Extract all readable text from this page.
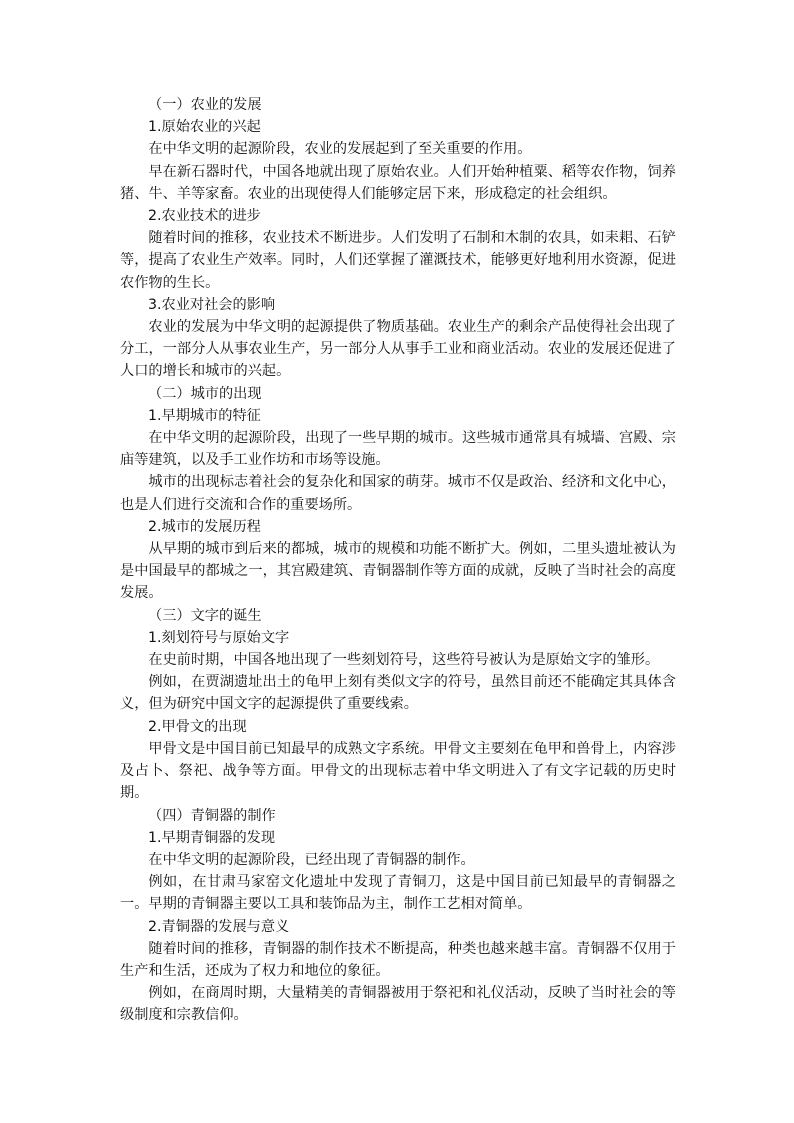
（一）农业的发展

1.原始农业的兴起

在中华文明的起源阶段，农业的发展起到了至关重要的作用。

早在新石器时代，中国各地就出现了原始农业。人们开始种植粟、稻等农作物，饲养猪、牛、羊等家畜。农业的出现使得人们能够定居下来，形成稳定的社会组织。

2.农业技术的进步

随着时间的推移，农业技术不断进步。人们发明了石制和木制的农具，如耒耜、石铲等，提高了农业生产效率。同时，人们还掌握了灌溉技术，能够更好地利用水资源，促进农作物的生长。

3.农业对社会的影响

农业的发展为中华文明的起源提供了物质基础。农业生产的剩余产品使得社会出现了分工，一部分人从事农业生产，另一部分人从事手工业和商业活动。农业的发展还促进了人口的增长和城市的兴起。

（二）城市的出现

1.早期城市的特征

在中华文明的起源阶段，出现了一些早期的城市。这些城市通常具有城墙、宫殿、宗庙等建筑，以及手工业作坊和市场等设施。

城市的出现标志着社会的复杂化和国家的萌芽。城市不仅是政治、经济和文化中心，也是人们进行交流和合作的重要场所。

2.城市的发展历程

从早期的城市到后来的都城，城市的规模和功能不断扩大。例如，二里头遗址被认为是中国最早的都城之一，其宫殿建筑、青铜器制作等方面的成就，反映了当时社会的高度发展。

（三）文字的诞生

1.刻划符号与原始文字

在史前时期，中国各地出现了一些刻划符号，这些符号被认为是原始文字的雏形。

例如，在贾湖遗址出土的龟甲上刻有类似文字的符号，虽然目前还不能确定其具体含义，但为研究中国文字的起源提供了重要线索。

2.甲骨文的出现

甲骨文是中国目前已知最早的成熟文字系统。甲骨文主要刻在龟甲和兽骨上，内容涉及占卜、祭祀、战争等方面。甲骨文的出现标志着中华文明进入了有文字记载的历史时期。

（四）青铜器的制作

1.早期青铜器的发现

在中华文明的起源阶段，已经出现了青铜器的制作。

例如，在甘肃马家窑文化遗址中发现了青铜刀，这是中国目前已知最早的青铜器之一。早期的青铜器主要以工具和装饰品为主，制作工艺相对简单。

2.青铜器的发展与意义

随着时间的推移，青铜器的制作技术不断提高，种类也越来越丰富。青铜器不仅用于生产和生活，还成为了权力和地位的象征。

例如，在商周时期，大量精美的青铜器被用于祭祀和礼仪活动，反映了当时社会的等级制度和宗教信仰。
